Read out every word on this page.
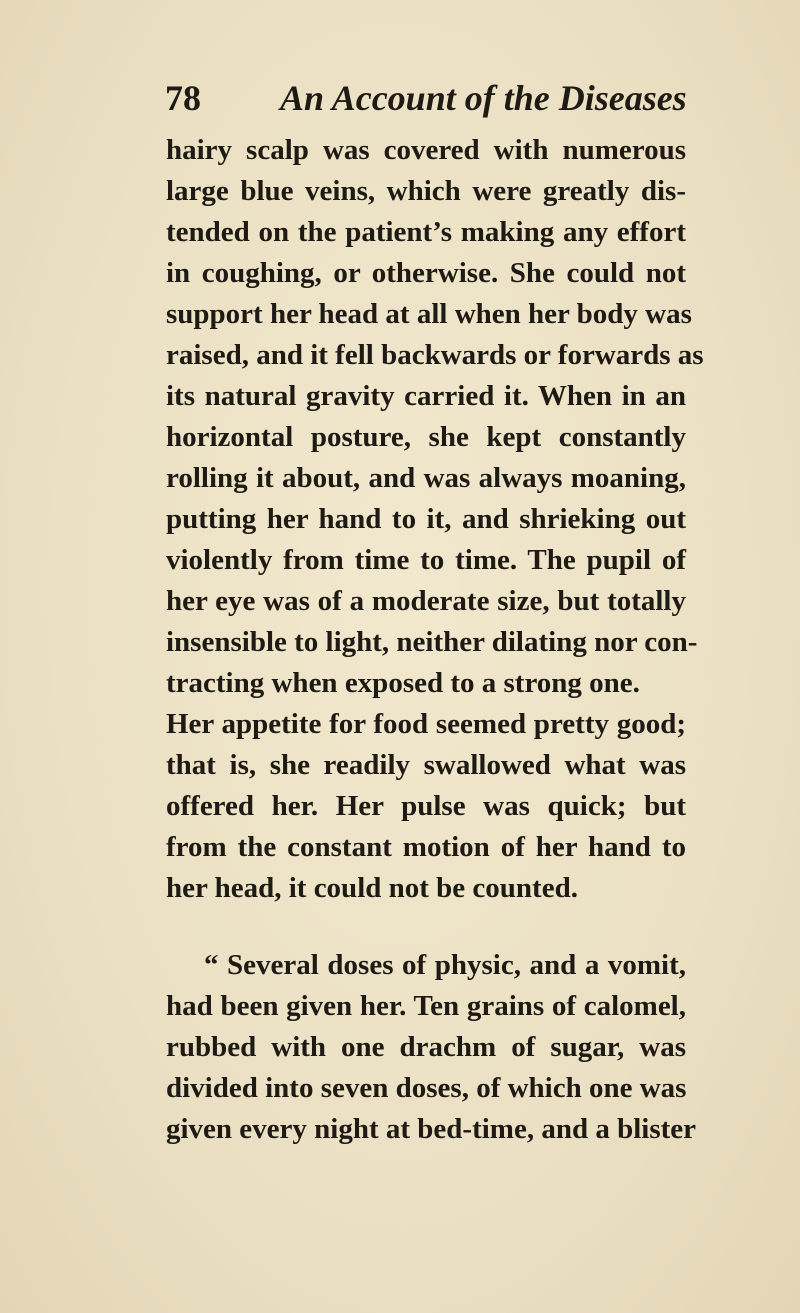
78 An Account of the Diseases
hairy scalp was covered with numerous
large blue veins, which were greatly dis-
tended on the patient’s making any effort
in coughing, or otherwise. She could not
support her head at all when her body was
raised, and it fell backwards or forwards as
its natural gravity carried it. When in an
horizontal posture, she kept constantly
rolling it about, and was always moaning,
putting her hand to it, and shrieking out
violently from time to time. The pupil of
her eye was of a moderate size, but totally
insensible to light, neither dilating nor con-
tracting when exposed to a strong one.
Her appetite for food seemed pretty good;
that is, she readily swallowed what was
offered her. Her pulse was quick; but
from the constant motion of her hand to
her head, it could not be counted.
“ Several doses of physic, and a vomit,
had been given her. Ten grains of calomel,
rubbed with one drachm of sugar, was
divided into seven doses, of which one was
given every night at bed-time, and a blister
